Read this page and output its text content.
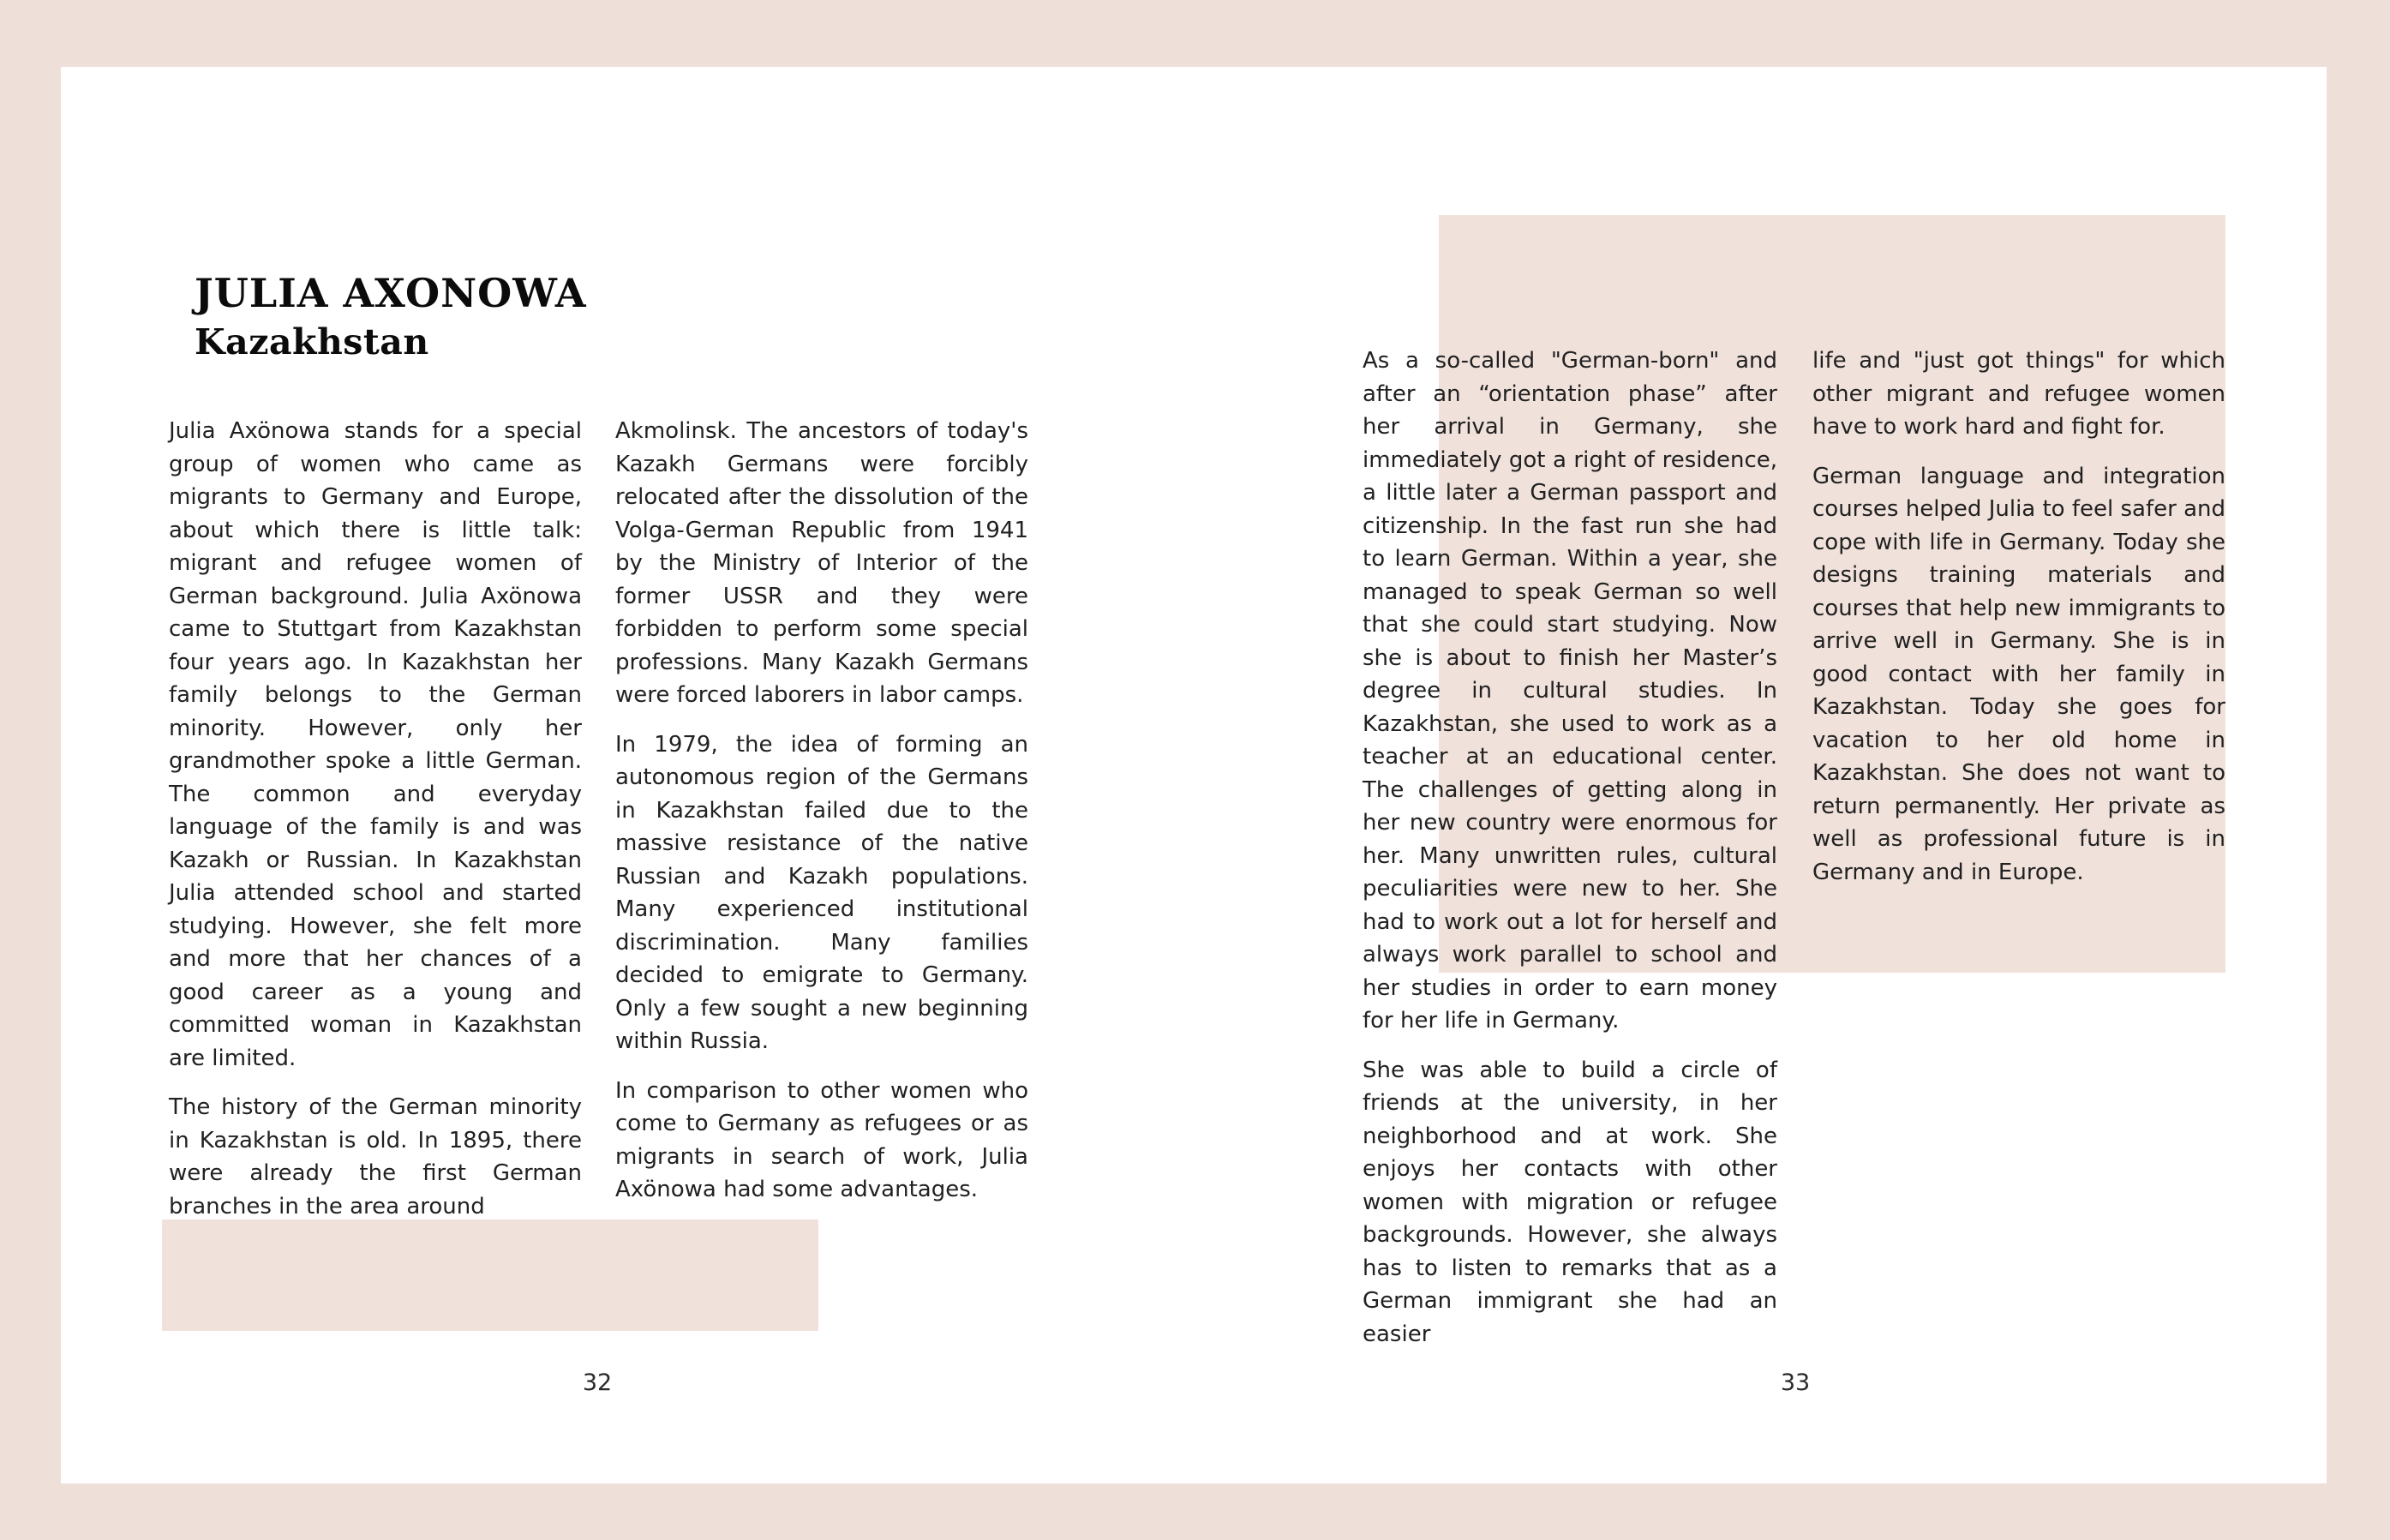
JULIA AXONOWA
Kazakhstan

Julia Axönowa stands for a special group of women who came as migrants to Germany and Europe, about which there is little talk: migrant and refugee women of German background. Julia Axönowa came to Stuttgart from Kazakhstan four years ago. In Kazakhstan her family belongs to the German minority. However, only her grandmother spoke a little German. The common and everyday language of the family is and was Kazakh or Russian. In Kazakhstan Julia attended school and started studying. However, she felt more and more that her chances of a good career as a young and committed woman in Kazakhstan are limited.

The history of the German minority in Kazakhstan is old. In 1895, there were already the first German branches in the area around

Akmolinsk. The ancestors of today's Kazakh Germans were forcibly relocated after the dissolution of the Volga-German Republic from 1941 by the Ministry of Interior of the former USSR and they were forbidden to perform some special professions. Many Kazakh Germans were forced laborers in labor camps.

In 1979, the idea of forming an autonomous region of the Germans in Kazakhstan failed due to the massive resistance of the native Russian and Kazakh populations. Many experienced institutional discrimination. Many families decided to emigrate to Germany. Only a few sought a new beginning within Russia.

In comparison to other women who come to Germany as refugees or as migrants in search of work, Julia Axönowa had some advantages.

As a so-called "German-born" and after an “orientation phase” after her arrival in Germany, she immediately got a right of residence, a little later a German passport and citizenship. In the fast run she had to learn German. Within a year, she managed to speak German so well that she could start studying. Now she is about to finish her Master’s degree in cultural studies. In Kazakhstan, she used to work as a teacher at an educational center. The challenges of getting along in her new country were enormous for her. Many unwritten rules, cultural peculiarities were new to her. She had to work out a lot for herself and always work parallel to school and her studies in order to earn money for her life in Germany.

She was able to build a circle of friends at the university, in her neighborhood and at work. She enjoys her contacts with other women with migration or refugee backgrounds. However, she always has to listen to remarks that as a German immigrant she had an easier

life and "just got things" for which other migrant and refugee women have to work hard and fight for.

German language and integration courses helped Julia to feel safer and cope with life in Germany. Today she designs training materials and courses that help new immigrants to arrive well in Germany. She is in good contact with her family in Kazakhstan. Today she goes for vacation to her old home in Kazakhstan. She does not want to return permanently. Her private as well as professional future is in Germany and in Europe.

32	33
